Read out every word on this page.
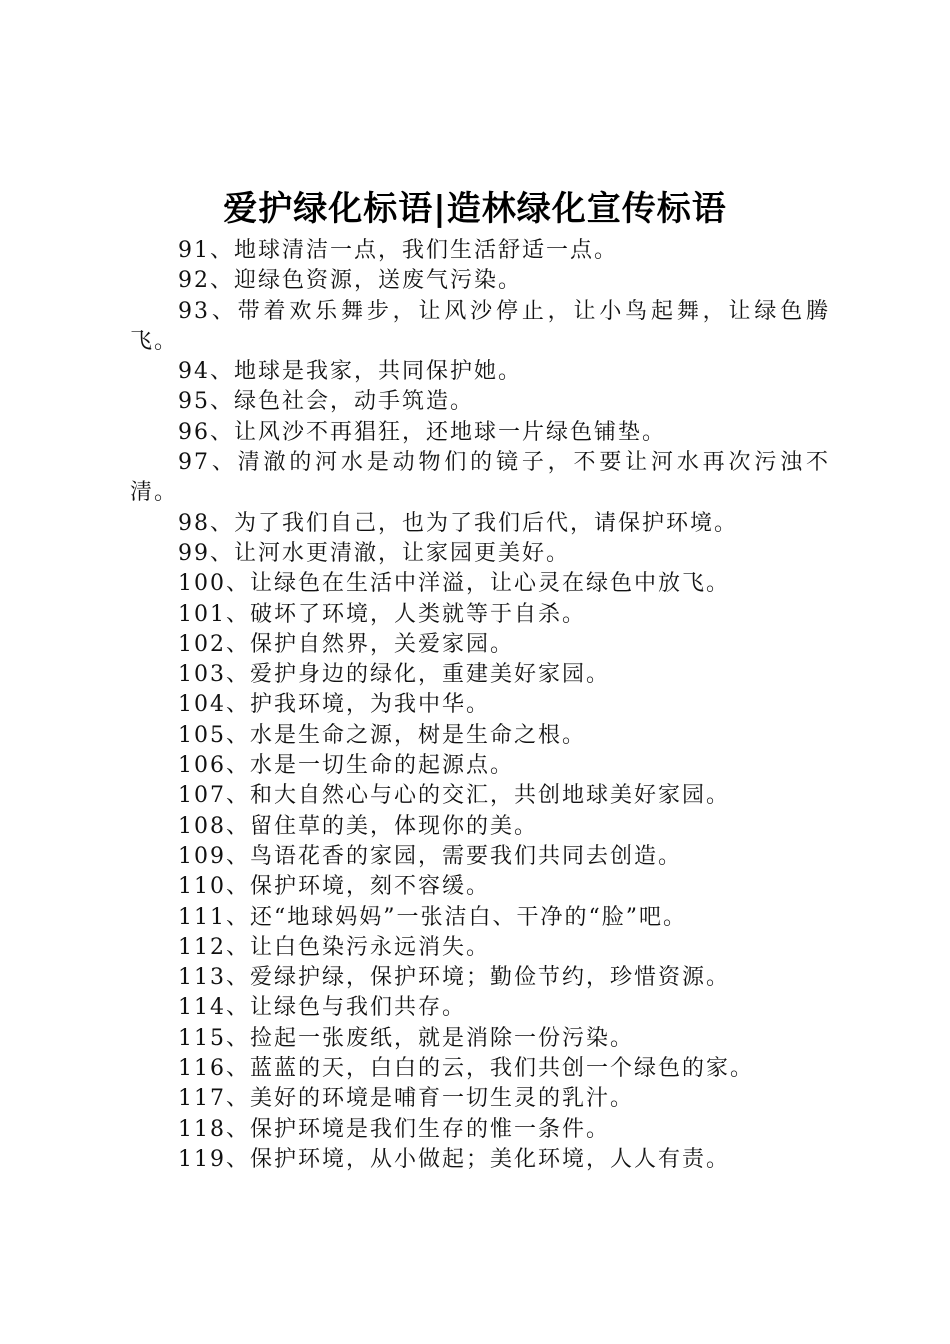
爱护绿化标语|造林绿化宣传标语
91、地球清洁一点，我们生活舒适一点。
92、迎绿色资源，送废气污染。
93、带着欢乐舞步，让风沙停止，让小鸟起舞，让绿色腾飞。
94、地球是我家，共同保护她。
95、绿色社会，动手筑造。
96、让风沙不再猖狂，还地球一片绿色铺垫。
97、清澈的河水是动物们的镜子，不要让河水再次污浊不清。
98、为了我们自己，也为了我们后代，请保护环境。
99、让河水更清澈，让家园更美好。
100、让绿色在生活中洋溢，让心灵在绿色中放飞。
101、破坏了环境，人类就等于自杀。
102、保护自然界，关爱家园。
103、爱护身边的绿化，重建美好家园。
104、护我环境，为我中华。
105、水是生命之源，树是生命之根。
106、水是一切生命的起源点。
107、和大自然心与心的交汇，共创地球美好家园。
108、留住草的美，体现你的美。
109、鸟语花香的家园，需要我们共同去创造。
110、保护环境，刻不容缓。
111、还“地球妈妈”一张洁白、干净的“脸”吧。
112、让白色染污永远消失。
113、爱绿护绿，保护环境；勤俭节约，珍惜资源。
114、让绿色与我们共存。
115、捡起一张废纸，就是消除一份污染。
116、蓝蓝的天，白白的云，我们共创一个绿色的家。
117、美好的环境是哺育一切生灵的乳汁。
118、保护环境是我们生存的惟一条件。
119、保护环境，从小做起；美化环境，人人有责。
